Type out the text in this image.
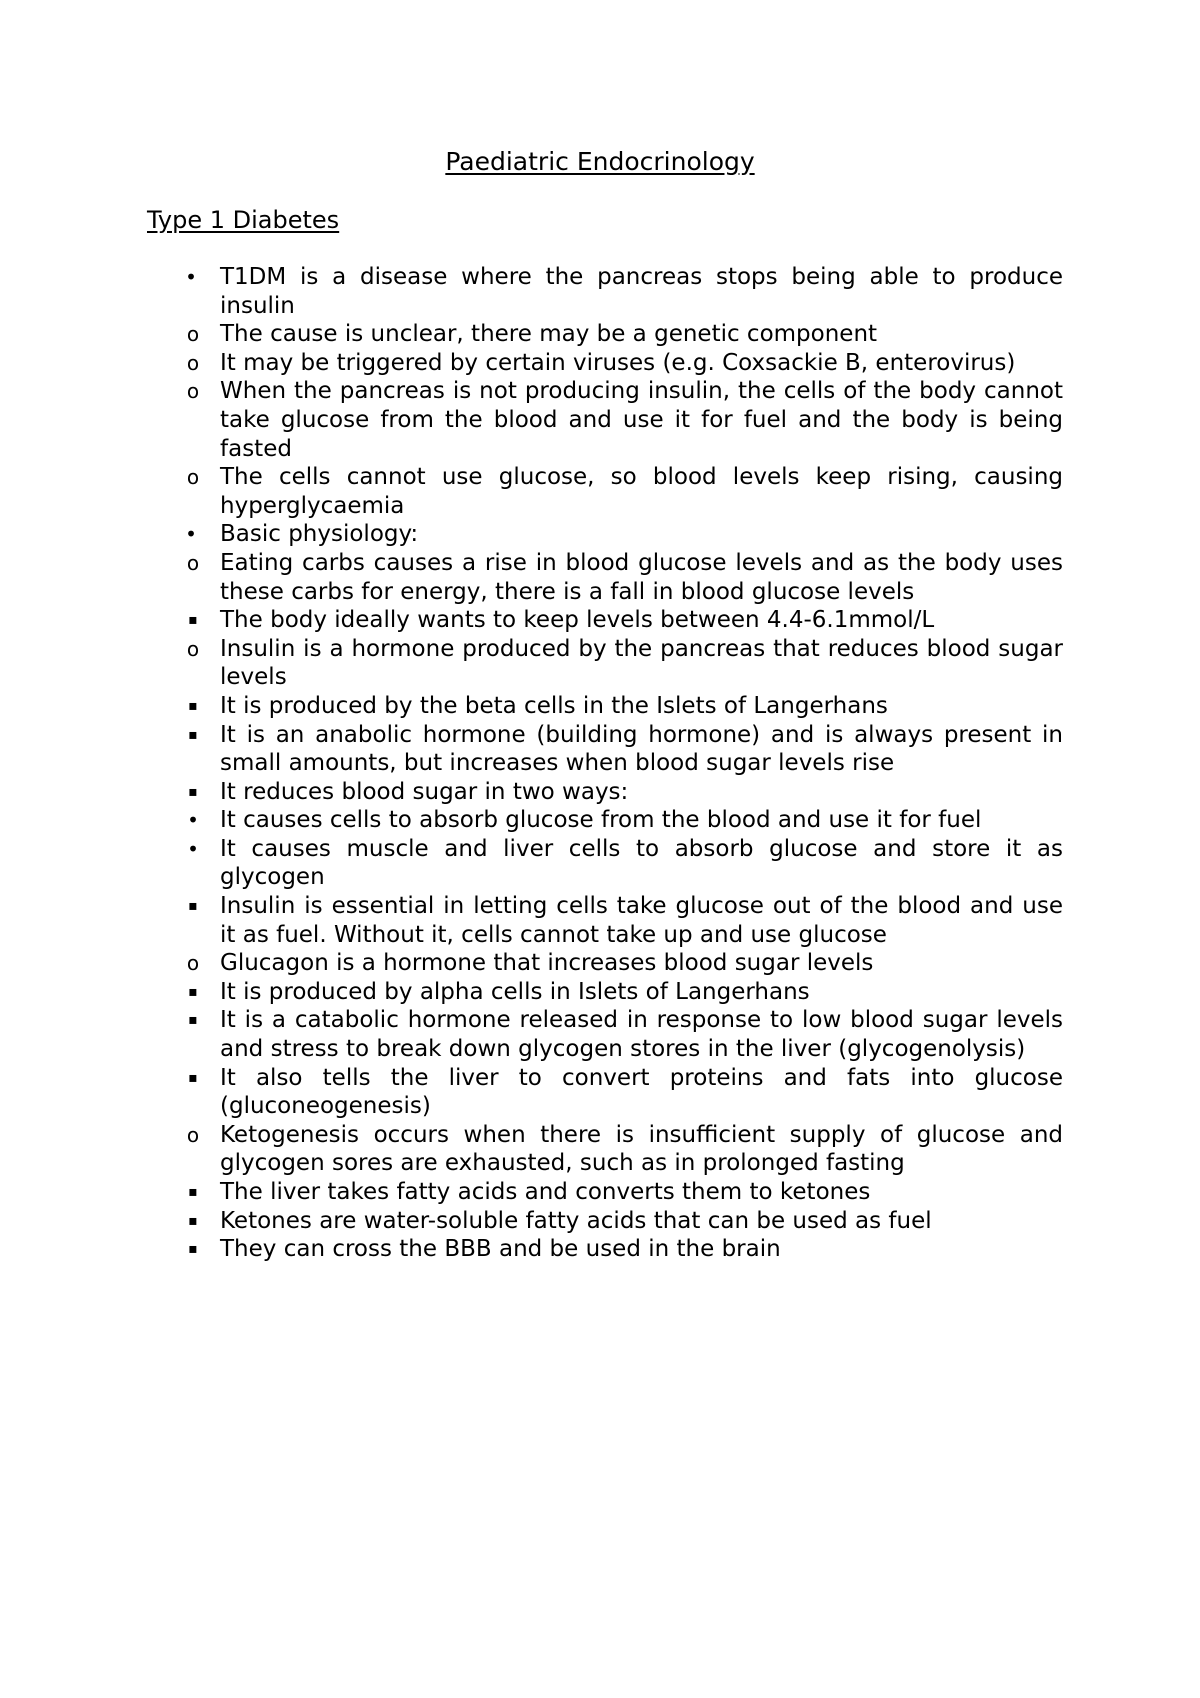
Paediatric Endocrinology
Type 1 Diabetes
• T1DM is a disease where the pancreas stops being able to produce insulin
o The cause is unclear, there may be a genetic component
o It may be triggered by certain viruses (e.g. Coxsackie B, enterovirus)
o When the pancreas is not producing insulin, the cells of the body cannot take glucose from the blood and use it for fuel and the body is being fasted
o The cells cannot use glucose, so blood levels keep rising, causing hyperglycaemia
• Basic physiology:
o Eating carbs causes a rise in blood glucose levels and as the body uses these carbs for energy, there is a fall in blood glucose levels
▪ The body ideally wants to keep levels between 4.4-6.1mmol/L
o Insulin is a hormone produced by the pancreas that reduces blood sugar levels
▪ It is produced by the beta cells in the Islets of Langerhans
▪ It is an anabolic hormone (building hormone) and is always present in small amounts, but increases when blood sugar levels rise
▪ It reduces blood sugar in two ways:
• It causes cells to absorb glucose from the blood and use it for fuel
• It causes muscle and liver cells to absorb glucose and store it as glycogen
▪ Insulin is essential in letting cells take glucose out of the blood and use it as fuel. Without it, cells cannot take up and use glucose
o Glucagon is a hormone that increases blood sugar levels
▪ It is produced by alpha cells in Islets of Langerhans
▪ It is a catabolic hormone released in response to low blood sugar levels and stress to break down glycogen stores in the liver (glycogenolysis)
▪ It also tells the liver to convert proteins and fats into glucose (gluconeogenesis)
o Ketogenesis occurs when there is insufficient supply of glucose and glycogen sores are exhausted, such as in prolonged fasting
▪ The liver takes fatty acids and converts them to ketones
▪ Ketones are water-soluble fatty acids that can be used as fuel
▪ They can cross the BBB and be used in the brain
